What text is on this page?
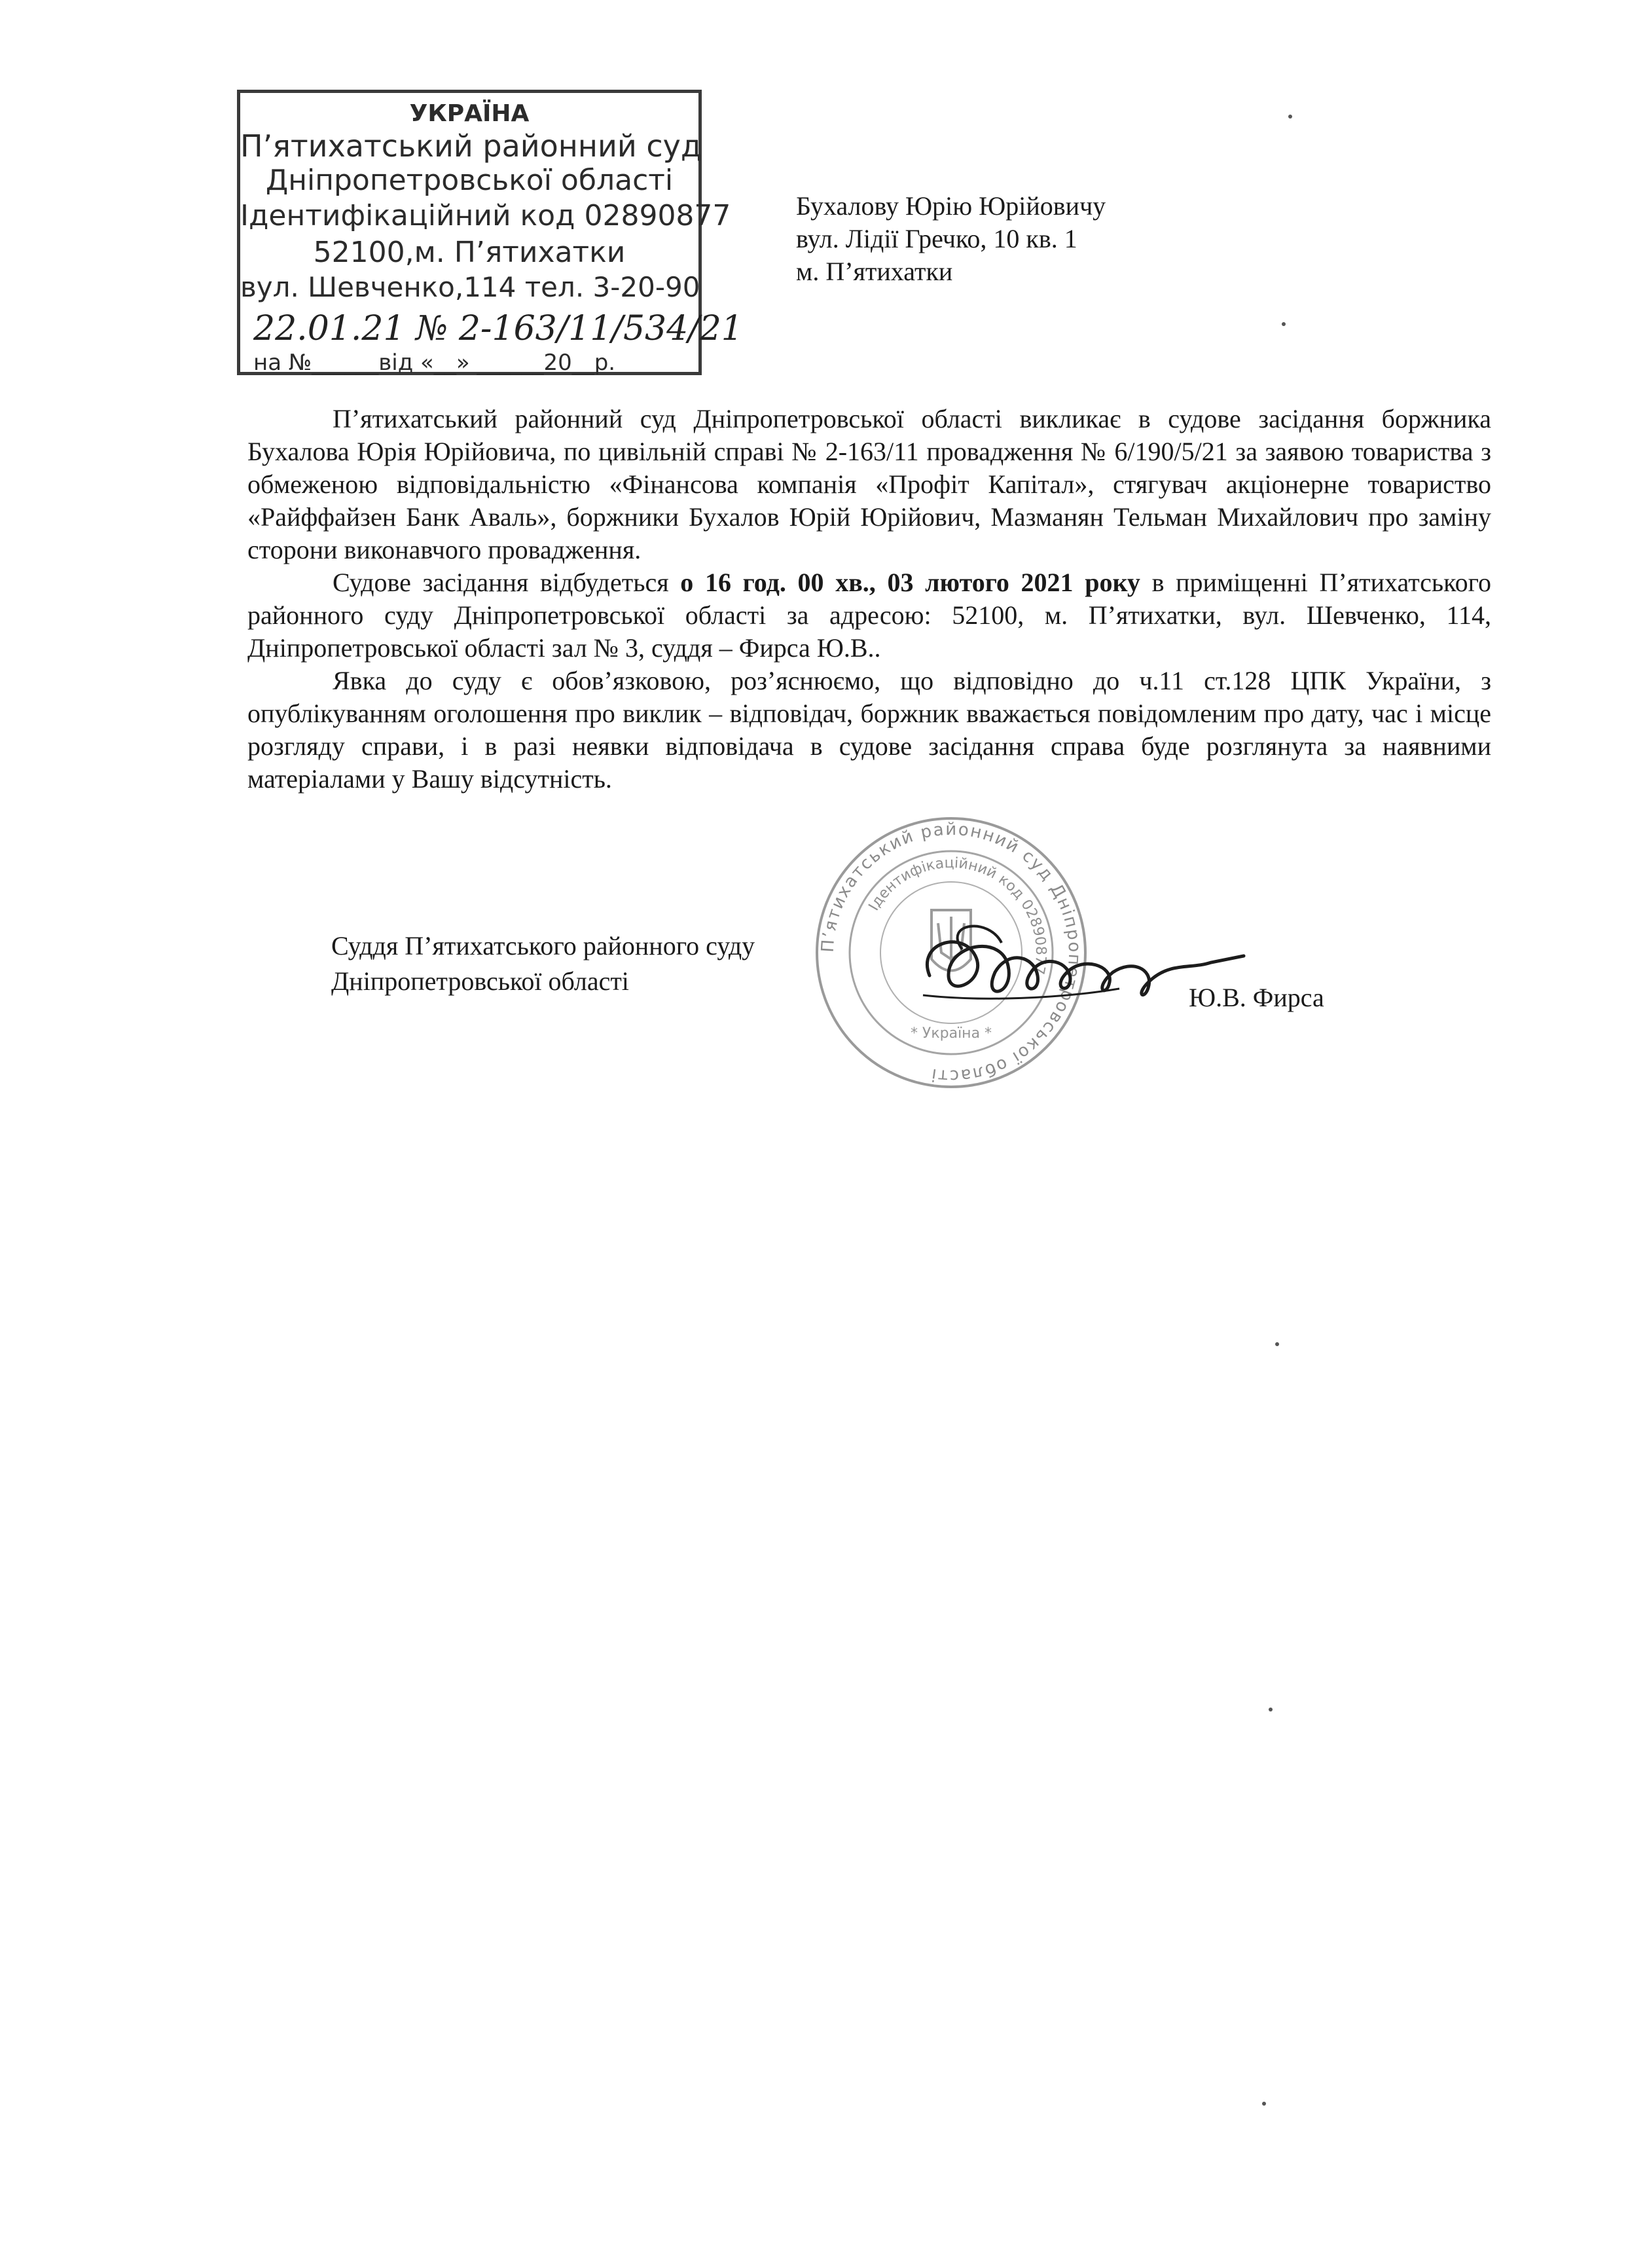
УКРАЇНА
П’ятихатський районний суд
Дніпропетровської області
Ідентифікаційний код 02890877
52100,м. П’ятихатки
вул. Шевченко,114 тел. 3-20-90
22.01.21 № 2-163/11/534/21
на №______від «__» ______20__р.
Бухалову Юрію Юрійовичу
вул. Лідії Гречко, 10 кв. 1
м. П’ятихатки

П’ятихатський районний суд Дніпропетровської області викликає в судове засідання боржника Бухалова Юрія Юрійовича, по цивільній справі № 2-163/11 провадження № 6/190/5/21 за заявою товариства з обмеженою відповідальністю «Фінансова компанія «Профіт Капітал», стягувач акціонерне товариство «Райффайзен Банк Аваль», боржники Бухалов Юрій Юрійович, Мазманян Тельман Михайлович про заміну сторони виконавчого провадження.

Судове засідання відбудеться о 16 год. 00 хв., 03 лютого 2021 року в приміщенні П’ятихатського районного суду Дніпропетровської області за адресою: 52100, м. П’ятихатки, вул. Шевченко, 114, Дніпропетровської області зал № 3, суддя – Фирса Ю.В..

Явка до суду є обов’язковою, роз’яснюємо, що відповідно до ч.11 ст.128 ЦПК України, з опублікуванням оголошення про виклик – відповідач, боржник вважається повідомленим про дату, час і місце розгляду справи, і в разі неявки відповідача в судове засідання справа буде розглянута за наявними матеріалами у Вашу відсутність.

П’ятихатський районний суд Дніпропетровської області
Ідентифікаційний код 02890877
* Україна *
Суддя П’ятихатського районного суду
Дніпропетровської області
Ю.В. Фирса
